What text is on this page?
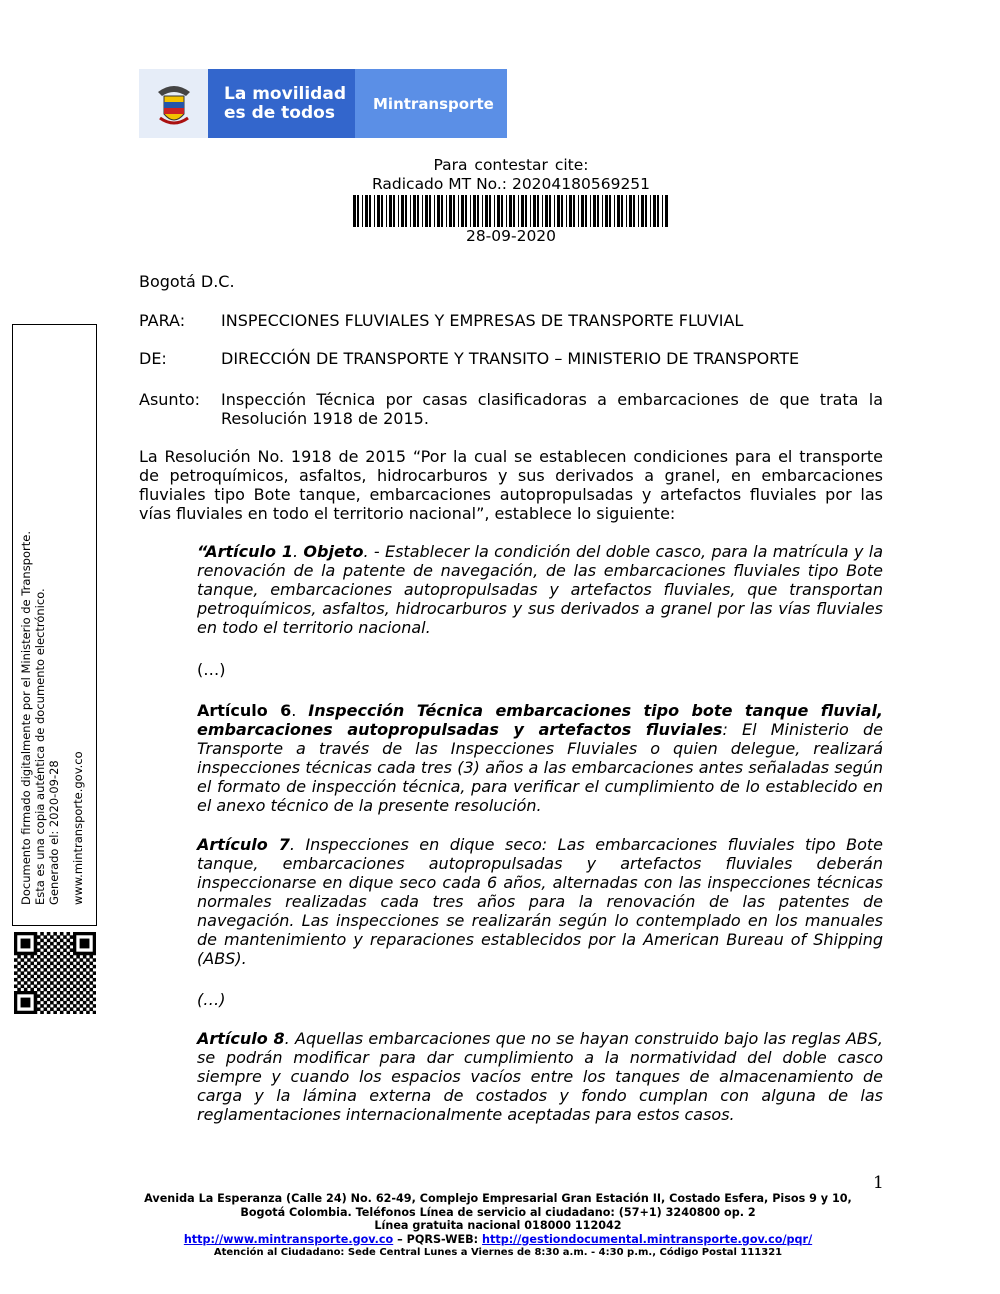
La movilidad
es de todos	Mintransporte
Para contestar cite:
Radicado MT No.: 20204180569251
28-09-2020
Bogotá D.C.
PARA: INSPECCIONES FLUVIALES Y EMPRESAS DE TRANSPORTE FLUVIAL
DE:	DIRECCIÓN DE TRANSPORTE Y TRANSITO – MINISTERIO DE TRANSPORTE
Asunto: Inspección Técnica por casas clasificadoras a embarcaciones de que trata la Resolución 1918 de 2015.
La Resolución No. 1918 de 2015 “Por la cual se establecen condiciones para el transporte de petroquímicos, asfaltos, hidrocarburos y sus derivados a granel, en embarcaciones fluviales tipo Bote tanque, embarcaciones autopropulsadas y artefactos fluviales por las vías fluviales en todo el territorio nacional”, establece lo siguiente:
“Artículo 1. Objeto. - Establecer la condición del doble casco, para la matrícula y la renovación de la patente de navegación, de las embarcaciones fluviales tipo Bote tanque, embarcaciones autopropulsadas y artefactos fluviales, que transportan petroquímicos, asfaltos, hidrocarburos y sus derivados a granel por las vías fluviales en todo el territorio nacional.
(…)
Artículo 6. Inspección Técnica embarcaciones tipo bote tanque fluvial, embarcaciones autopropulsadas y artefactos fluviales: El Ministerio de Transporte a través de las Inspecciones Fluviales o quien delegue, realizará inspecciones técnicas cada tres (3) años a las embarcaciones antes señaladas según el formato de inspección técnica, para verificar el cumplimiento de lo establecido en el anexo técnico de la presente resolución.
Artículo 7. Inspecciones en dique seco: Las embarcaciones fluviales tipo Bote tanque, embarcaciones autopropulsadas y artefactos fluviales deberán inspeccionarse en dique seco cada 6 años, alternadas con las inspecciones técnicas normales realizadas cada tres años para la renovación de las patentes de navegación. Las inspecciones se realizarán según lo contemplado en los manuales de mantenimiento y reparaciones establecidos por la American Bureau of Shipping (ABS).
(…)
Artículo 8. Aquellas embarcaciones que no se hayan construido bajo las reglas ABS, se podrán modificar para dar cumplimiento a la normatividad del doble casco siempre y cuando los espacios vacíos entre los tanques de almacenamiento de carga y la lámina externa de costados y fondo cumplan con alguna de las reglamentaciones internacionalmente aceptadas para estos casos.
Documento firmado digitalmente por el Ministerio de Transporte. Esta es una copia auténtica de documento electrónico. Generado el: 2020-09-28 www.mintransporte.gov.co
1
Avenida La Esperanza (Calle 24) No. 62-49, Complejo Empresarial Gran Estación II, Costado Esfera, Pisos 9 y 10, Bogotá Colombia. Teléfonos Línea de servicio al ciudadano: (57+1) 3240800 op. 2
Línea gratuita nacional 018000 112042
http://www.mintransporte.gov.co – PQRS-WEB: http://gestiondocumental.mintransporte.gov.co/pqr/
Atención al Ciudadano: Sede Central Lunes a Viernes de 8:30 a.m. - 4:30 p.m., Código Postal 111321
